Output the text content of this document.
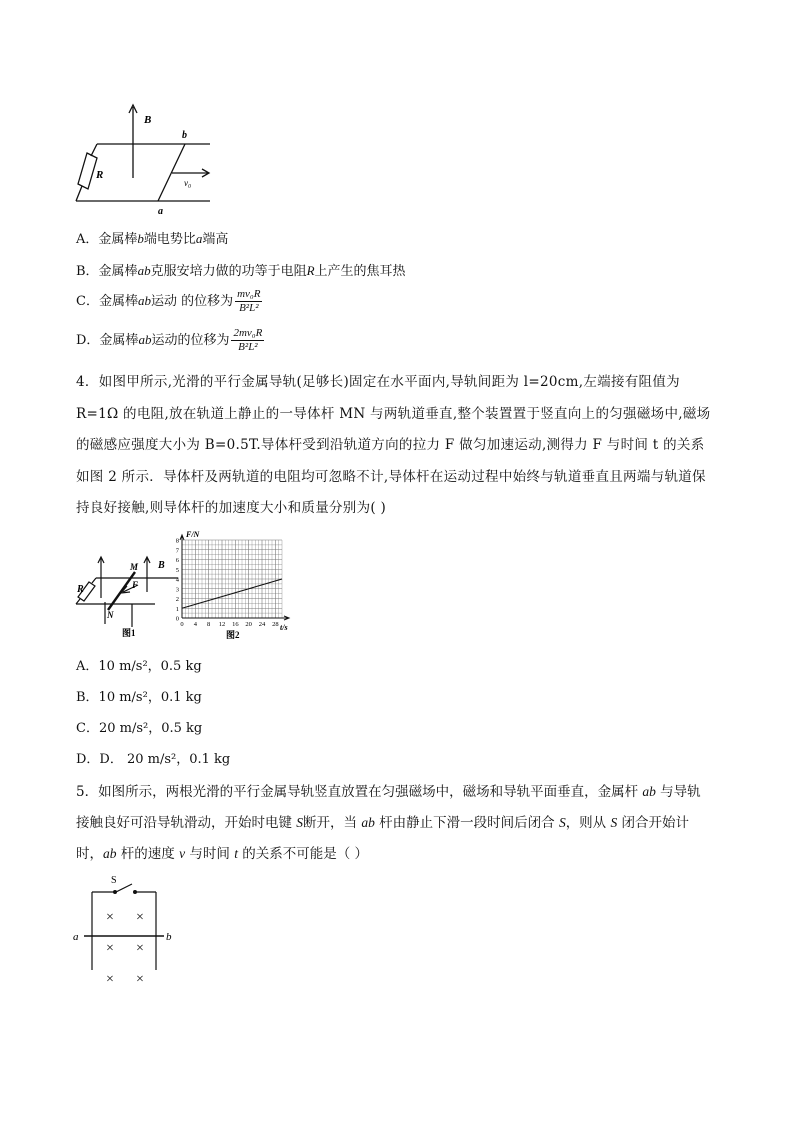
B
b
R
v₀
a
A．金属棒b端电势比a端高
B．金属棒ab克服安培力做的功等于电阻R上产生的焦耳热
C．金属棒ab运动 的位移为 $\frac{\text{mv₀R}}{\text{B²L²}}$
D．金属棒ab运动的位移为 $\frac{\text{2mv₀R}}{\text{B²L²}}$
4．如图甲所示,光滑的平行金属导轨(足够长)固定在水平面内,导轨间距为 l=20cm,左端接有阻值为 R=1Ω 的电阻,放在轨道上静止的一导体杆 MN 与两轨道垂直,整个装置置于竖直向上的匀强磁场中,磁场的磁感应强度大小为 B=0.5T.导体杆受到沿轨道方向的拉力 F 做匀加速运动,测得力 F 与时间 t 的关系如图 2 所示．导体杆及两轨道的电阻均可忽略不计,导体杆在运动过程中始终与轨道垂直且两端与轨道保持良好接触,则导体杆的加速度大小和质量分别为( )
M B
R	F
N
图1
0
1
2
3
4
5
6
7
8
0 4 8 12 16 20 24 28
F/N
t/s
图2
A．10 m/s²，0.5 kg
B．10 m/s²，0.1 kg
C．20 m/s²，0.5 kg
D．D． 20 m/s²，0.1 kg
5．如图所示，两根光滑的平行金属导轨竖直放置在匀强磁场中，磁场和导轨平面垂直，金属杆 ab 与导轨
接触良好可沿导轨滑动，开始时电键 S断开，当 ab 杆由静止下滑一段时间后闭合 S，则从 S 闭合开始计
时，ab 杆的速度 v 与时间 t 的关系不可能是（ ）
S
a	b
× ×
× ×
× ×
